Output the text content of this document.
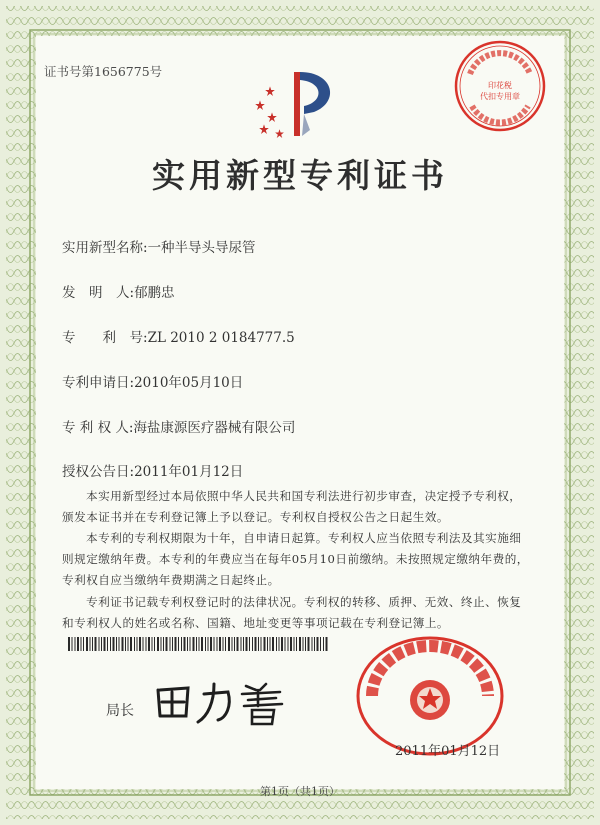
证书号第1656775号
实用新型专利证书
实用新型名称:一种半导头导尿管
发　明　人:郁鹏忠
专　　利　号:ZL 2010 2 0184777.5
专利申请日:2010年05月10日
专 利 权 人:海盐康源医疗器械有限公司
授权公告日:2011年01月12日
本实用新型经过本局依照中华人民共和国专利法进行初步审查，决定授予专利权，颁发本证书并在专利登记簿上予以登记。专利权自授权公告之日起生效。
本专利的专利权期限为十年，自申请日起算。专利权人应当依照专利法及其实施细则规定缴纳年费。本专利的年费应当在每年05月10日前缴纳。未按照规定缴纳年费的，专利权自应当缴纳年费期满之日起终止。
专利证书记载专利权登记时的法律状况。专利权的转移、质押、无效、终止、恢复和专利权人的姓名或名称、国籍、地址变更等事项记载在专利登记簿上。
局长
印花税
代扣专用章
2011年01月12日
第1页（共1页）
